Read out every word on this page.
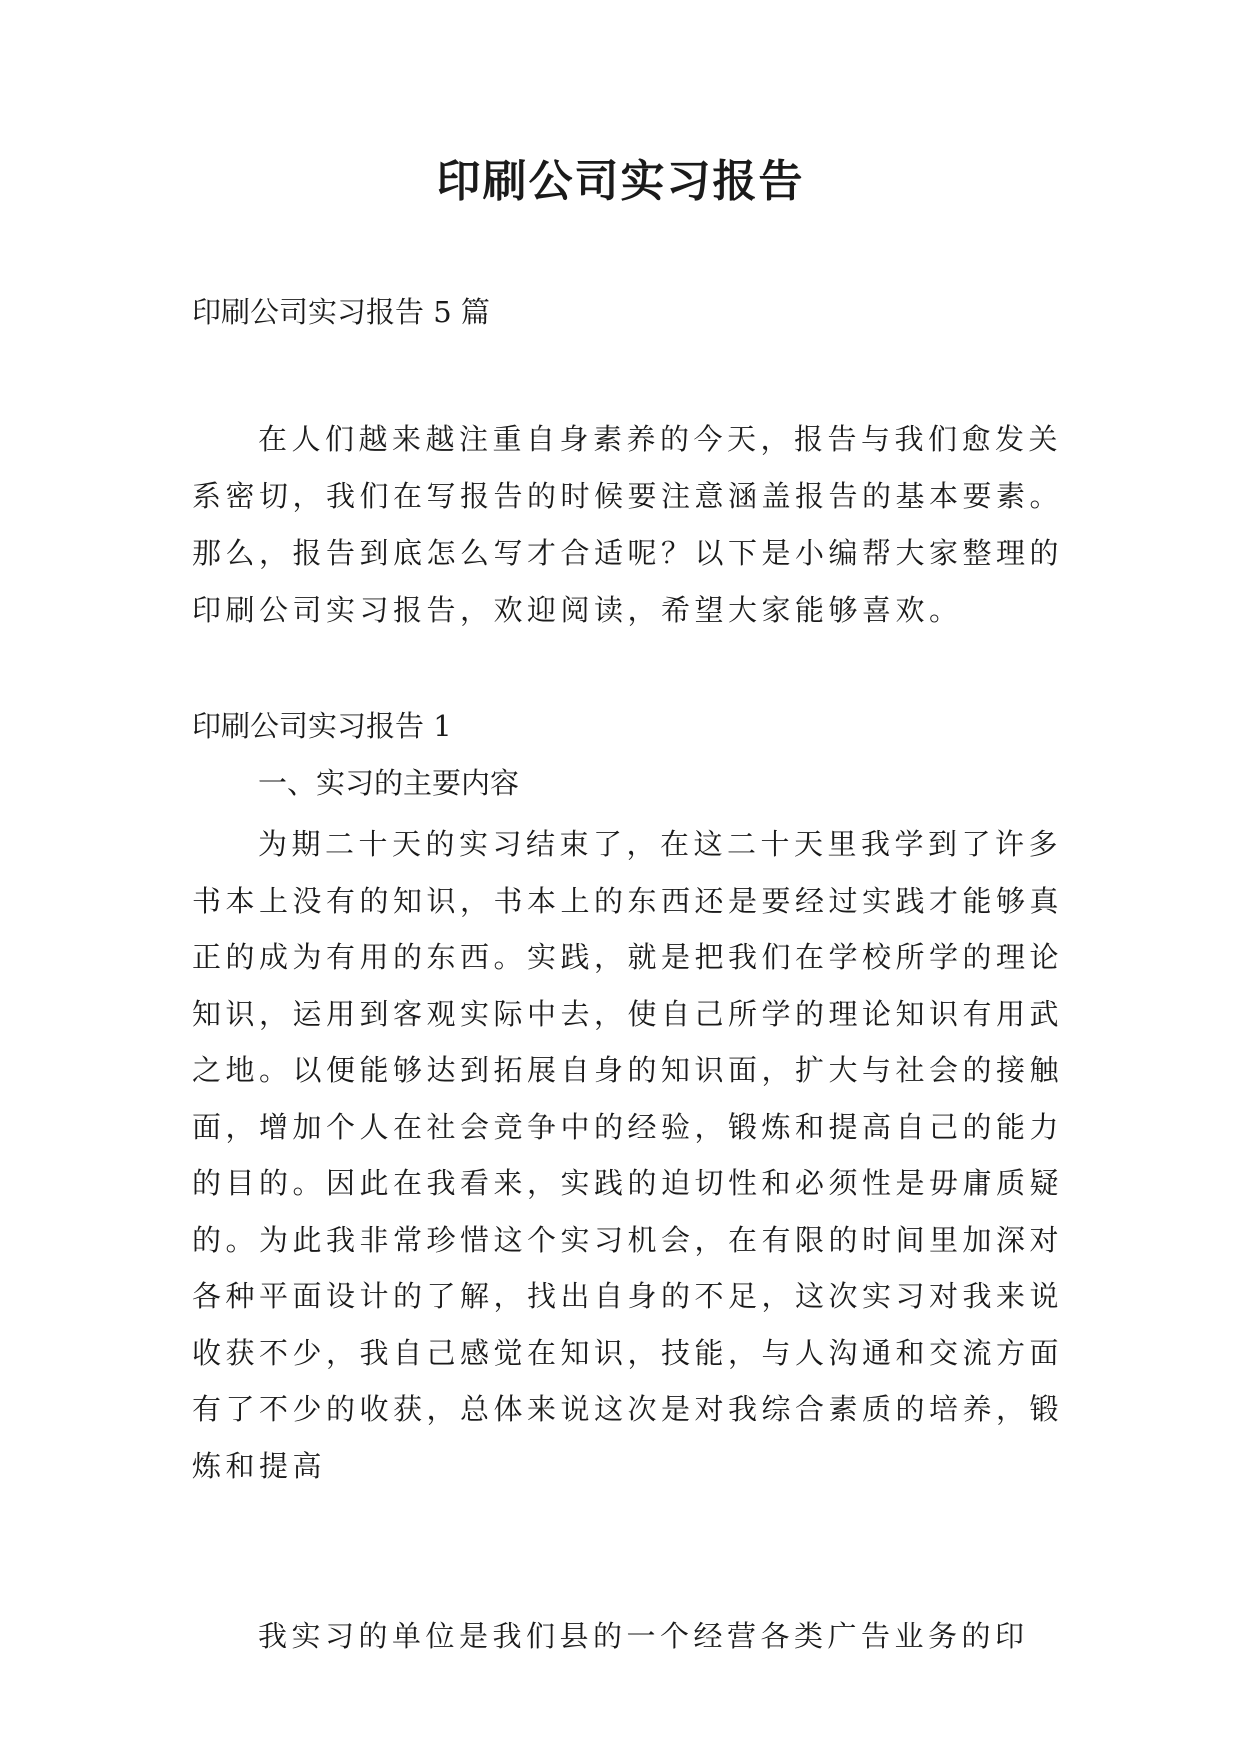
印刷公司实习报告

印刷公司实习报告 5 篇

在人们越来越注重自身素养的今天，报告与我们愈发关系密切，我们在写报告的时候要注意涵盖报告的基本要素。那么，报告到底怎么写才合适呢？以下是小编帮大家整理的印刷公司实习报告，欢迎阅读，希望大家能够喜欢。

印刷公司实习报告 1

一、实习的主要内容

为期二十天的实习结束了，在这二十天里我学到了许多书本上没有的知识，书本上的东西还是要经过实践才能够真正的成为有用的东西。实践，就是把我们在学校所学的理论知识，运用到客观实际中去，使自己所学的理论知识有用武之地。以便能够达到拓展自身的知识面，扩大与社会的接触面，增加个人在社会竞争中的经验，锻炼和提高自己的能力的目的。因此在我看来，实践的迫切性和必须性是毋庸质疑的。为此我非常珍惜这个实习机会，在有限的时间里加深对各种平面设计的了解，找出自身的不足，这次实习对我来说收获不少，我自己感觉在知识，技能，与人沟通和交流方面有了不少的收获，总体来说这次是对我综合素质的培养，锻炼和提高

我实习的单位是我们县的一个经营各类广告业务的印
